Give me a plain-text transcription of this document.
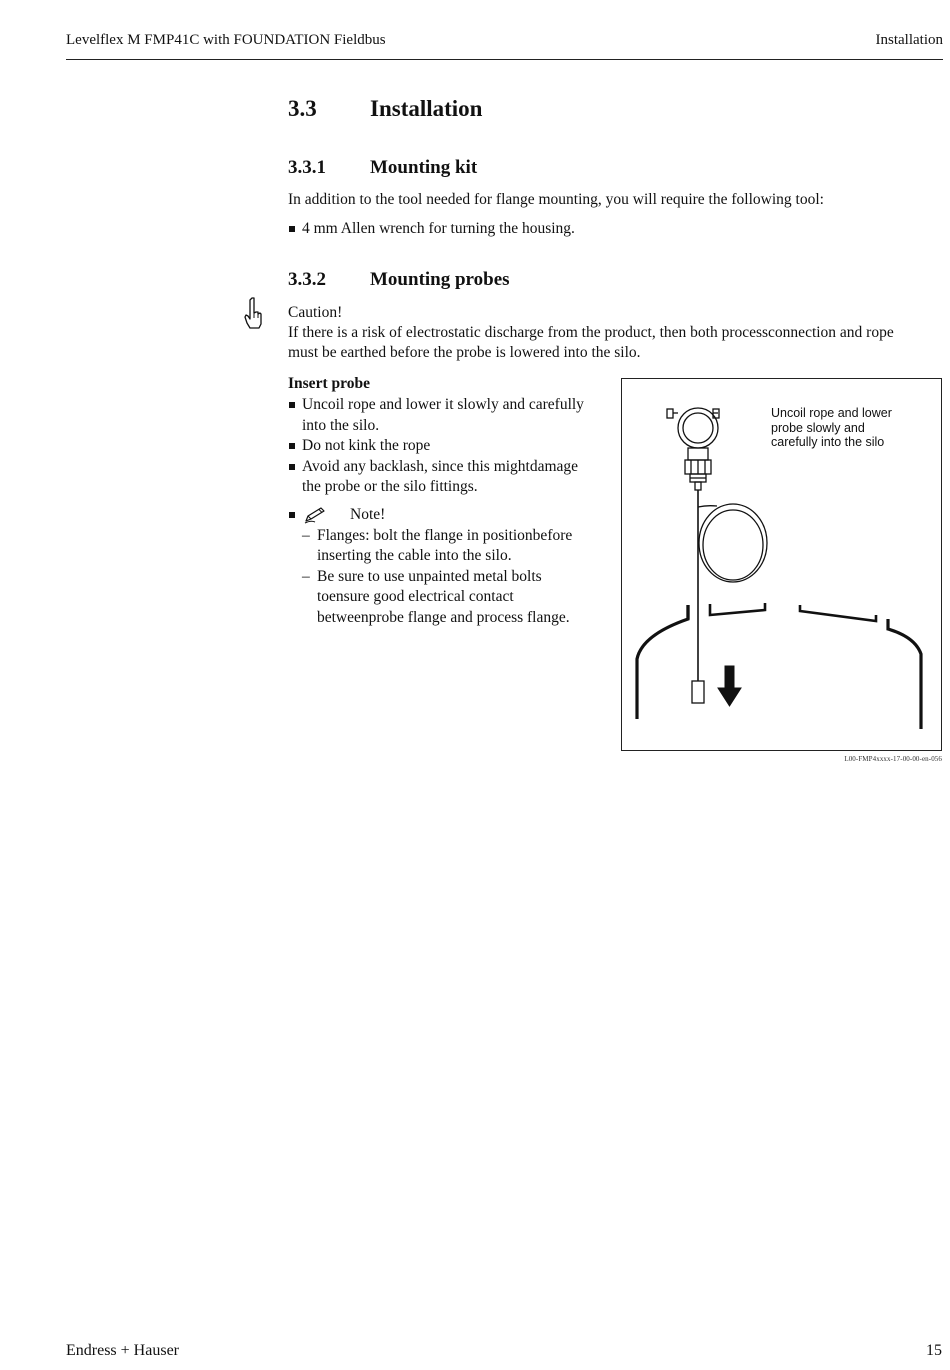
Levelflex M FMP41C with FOUNDATION Fieldbus	Installation
3.3 Installation
3.3.1 Mounting kit
In addition to the tool needed for flange mounting, you will require the following tool:
4 mm Allen wrench for turning the housing.
3.3.2 Mounting probes
Caution!
If there is a risk of electrostatic discharge from the product, then both processconnection and rope
must be earthed before the probe is lowered into the silo.
Insert probe
Uncoil rope and lower it slowly and carefully
into the silo.
Do not kink the rope
Avoid any backlash, since this mightdamage
the probe or the silo fittings.
Note!
– Flanges: bolt the flange in positionbefore
inserting the cable into the silo.
– Be sure to use unpainted metal bolts
toensure good electrical contact
betweenprobe flange and process flange.
Uncoil rope and lower
probe slowly and
carefully into the silo
L00-FMP4xxxx-17-00-00-en-056
Endress + Hauser	15
